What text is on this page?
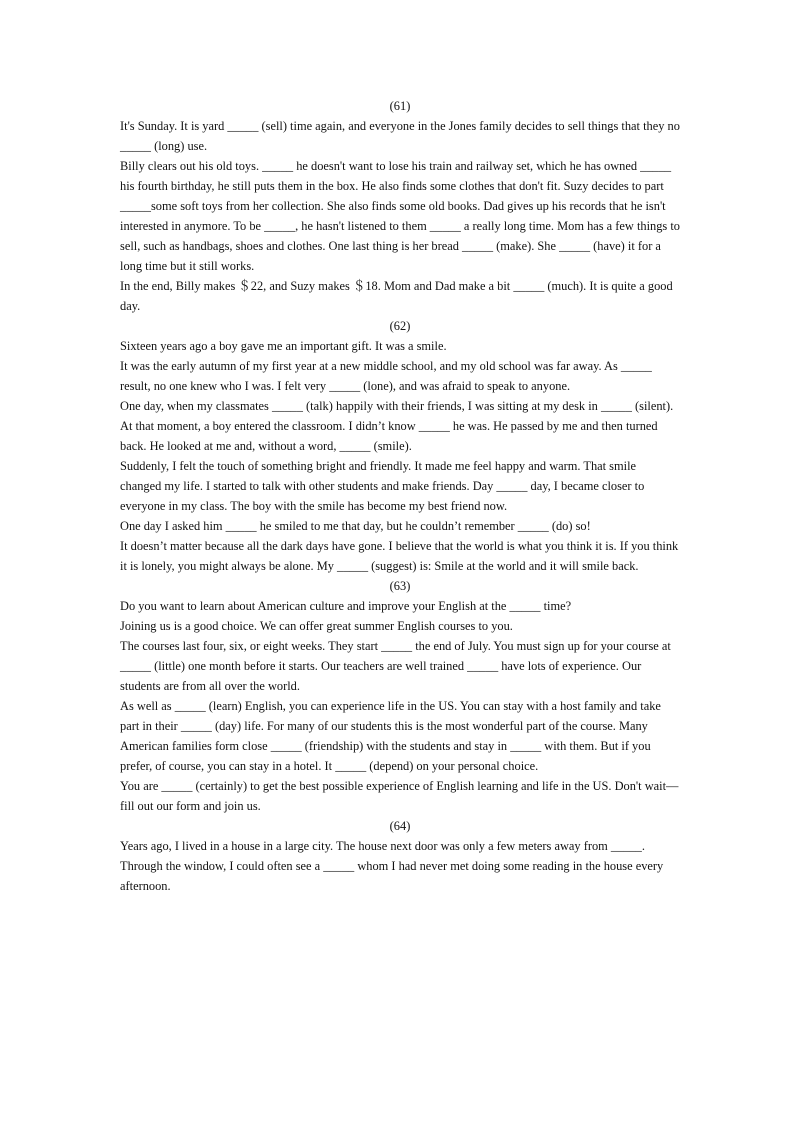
(61)

It's Sunday. It is yard _____ (sell) time again, and everyone in the Jones family decides to sell things that they no _____ (long) use.

Billy clears out his old toys. _____ he doesn't want to lose his train and railway set, which he has owned _____ his fourth birthday, he still puts them in the box. He also finds some clothes that don't fit. Suzy decides to part _____some soft toys from her collection. She also finds some old books. Dad gives up his records that he isn't interested in anymore. To be _____, he hasn't listened to them _____ a really long time. Mom has a few things to sell, such as handbags, shoes and clothes. One last thing is her bread _____ (make). She _____ (have) it for a long time but it still works.

In the end, Billy makes ＄22, and Suzy makes ＄18. Mom and Dad make a bit _____ (much). It is quite a good day.

(62)

Sixteen years ago a boy gave me an important gift. It was a smile.

It was the early autumn of my first year at a new middle school, and my old school was far away. As _____ result, no one knew who I was. I felt very _____ (lone), and was afraid to speak to anyone.

One day, when my classmates _____ (talk) happily with their friends, I was sitting at my desk in _____ (silent). At that moment, a boy entered the classroom. I didn’t know _____ he was. He passed by me and then turned back. He looked at me and, without a word, _____ (smile).

Suddenly, I felt the touch of something bright and friendly. It made me feel happy and warm. That smile changed my life. I started to talk with other students and make friends. Day _____ day, I became closer to everyone in my class. The boy with the smile has become my best friend now.

One day I asked him _____ he smiled to me that day, but he couldn’t remember _____ (do) so!

It doesn’t matter because all the dark days have gone. I believe that the world is what you think it is. If you think it is lonely, you might always be alone. My _____ (suggest) is: Smile at the world and it will smile back.

(63)

Do you want to learn about American culture and improve your English at the _____ time?

Joining us is a good choice. We can offer great summer English courses to you.

The courses last four, six, or eight weeks. They start _____ the end of July. You must sign up for your course at _____ (little) one month before it starts. Our teachers are well trained _____ have lots of experience. Our students are from all over the world.

As well as _____ (learn) English, you can experience life in the US. You can stay with a host family and take part in their _____ (day) life. For many of our students this is the most wonderful part of the course. Many American families form close _____ (friendship) with the students and stay in _____ with them. But if you prefer, of course, you can stay in a hotel. It _____ (depend) on your personal choice.

You are _____ (certainly) to get the best possible experience of English learning and life in the US. Don't wait—fill out our form and join us.

(64)

Years ago, I lived in a house in a large city. The house next door was only a few meters away from _____. Through the window, I could often see a _____ whom I had never met doing some reading in the house every afternoon.
